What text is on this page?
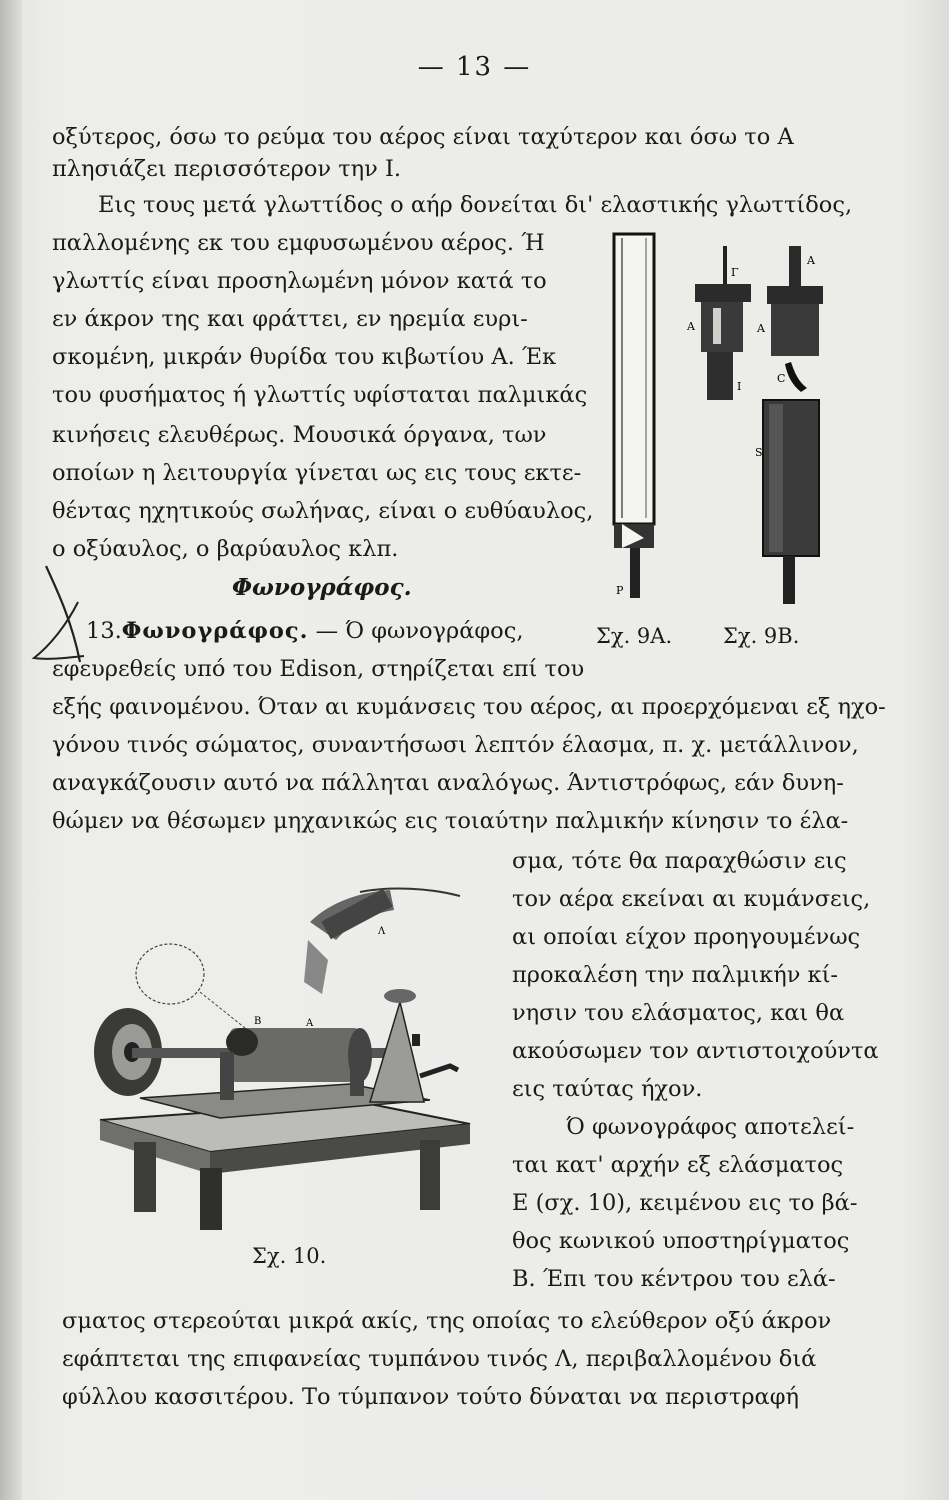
— 13 —
οξύτερος, όσω το ρεύμα του αέρος είναι ταχύτερον και όσω το Α
πλησιάζει περισσότερον την Ι.
Εις τους μετά γλωττίδος ο αήρ δονείται δι' ελαστικής γλωττίδος,
παλλομένης εκ του εμφυσωμένου αέρος. Ή
γλωττίς είναι προσηλωμένη μόνον κατά το
εν άκρον της και φράττει, εν ηρεμία ευρι-
σκομένη, μικράν θυρίδα του κιβωτίου Α. Έκ
του φυσήματος ή γλωττίς υφίσταται παλμικάς
κινήσεις ελευθέρως. Μουσικά όργανα, των
οποίων η λειτουργία γίνεται ως εις τους εκτε-
θέντας ηχητικούς σωλήνας, είναι ο ευθύαυλος,
ο οξύαυλος, ο βαρύαυλος κλπ.
Φωνογράφος.
13.Φωνογράφος. — Ό φωνογράφος,	Σχ. 9Α. Σχ. 9Β.
P
Γ
Α
Ι
Α
Α
C
S
εφευρεθείς υπό του Edison, στηρίζεται επί του
εξής φαινομένου. Όταν αι κυμάνσεις του αέρος, αι προερχόμεναι εξ ηχο-
γόνου τινός σώματος, συναντήσωσι λεπτόν έλασμα, π. χ. μετάλλινον,
αναγκάζουσιν αυτό να πάλληται αναλόγως. Άντιστρόφως, εάν δυνη-
θώμεν να θέσωμεν μηχανικώς εις τοιαύτην παλμικήν κίνησιν το έλα-
σμα, τότε θα παραχθώσιν εις
τον αέρα εκείναι αι κυμάνσεις,
αι οποίαι είχον προηγουμένως
προκαλέση την παλμικήν κί-
νησιν του ελάσματος, και θα
ακούσωμεν τον αντιστοιχούντα
εις ταύτας ήχον.
Ό φωνογράφος αποτελεί-
ται κατ' αρχήν εξ ελάσματος
Ε (σχ. 10), κειμένου εις το βά-
θος κωνικού υποστηρίγματος
Β. Έπι του κέντρου του ελά-
Λ
Α
Β
Σχ. 10.
σματος στερεούται μικρά ακίς, της οποίας το ελεύθερον οξύ άκρον
εφάπτεται της επιφανείας τυμπάνου τινός Λ, περιβαλλομένου διά
φύλλου κασσιτέρου. Το τύμπανον τούτο δύναται να περιστραφή
